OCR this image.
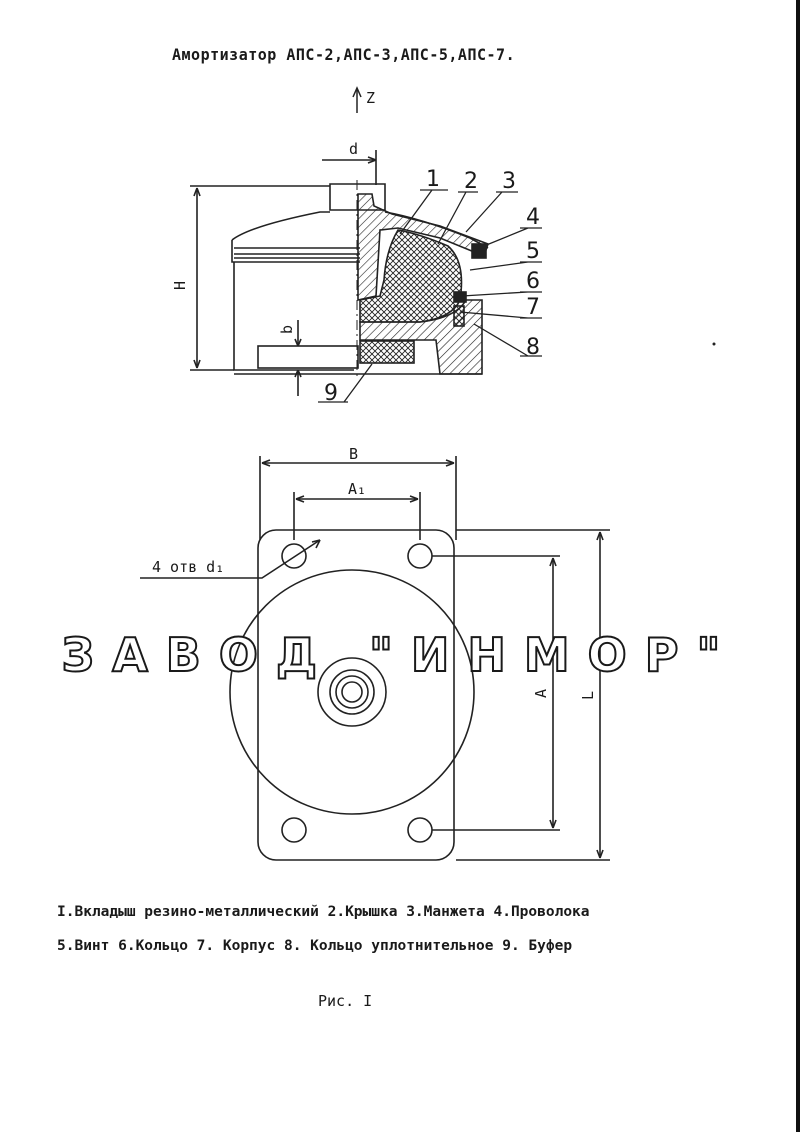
Амортизатор АПС-2,АПС-3,АПС-5,АПС-7.
Z
1 2 3
4
5
6
7
8
9
d
H
b
B
A₁
4 отв d₁
A L
ЗАВОД "ИНМОР"
I.Вкладыш резино-металлический 2.Крышка 3.Манжета 4.Проволока
5.Винт 6.Кольцо 7. Корпус 8. Кольцо уплотнительное 9. Буфер
Рис. I
